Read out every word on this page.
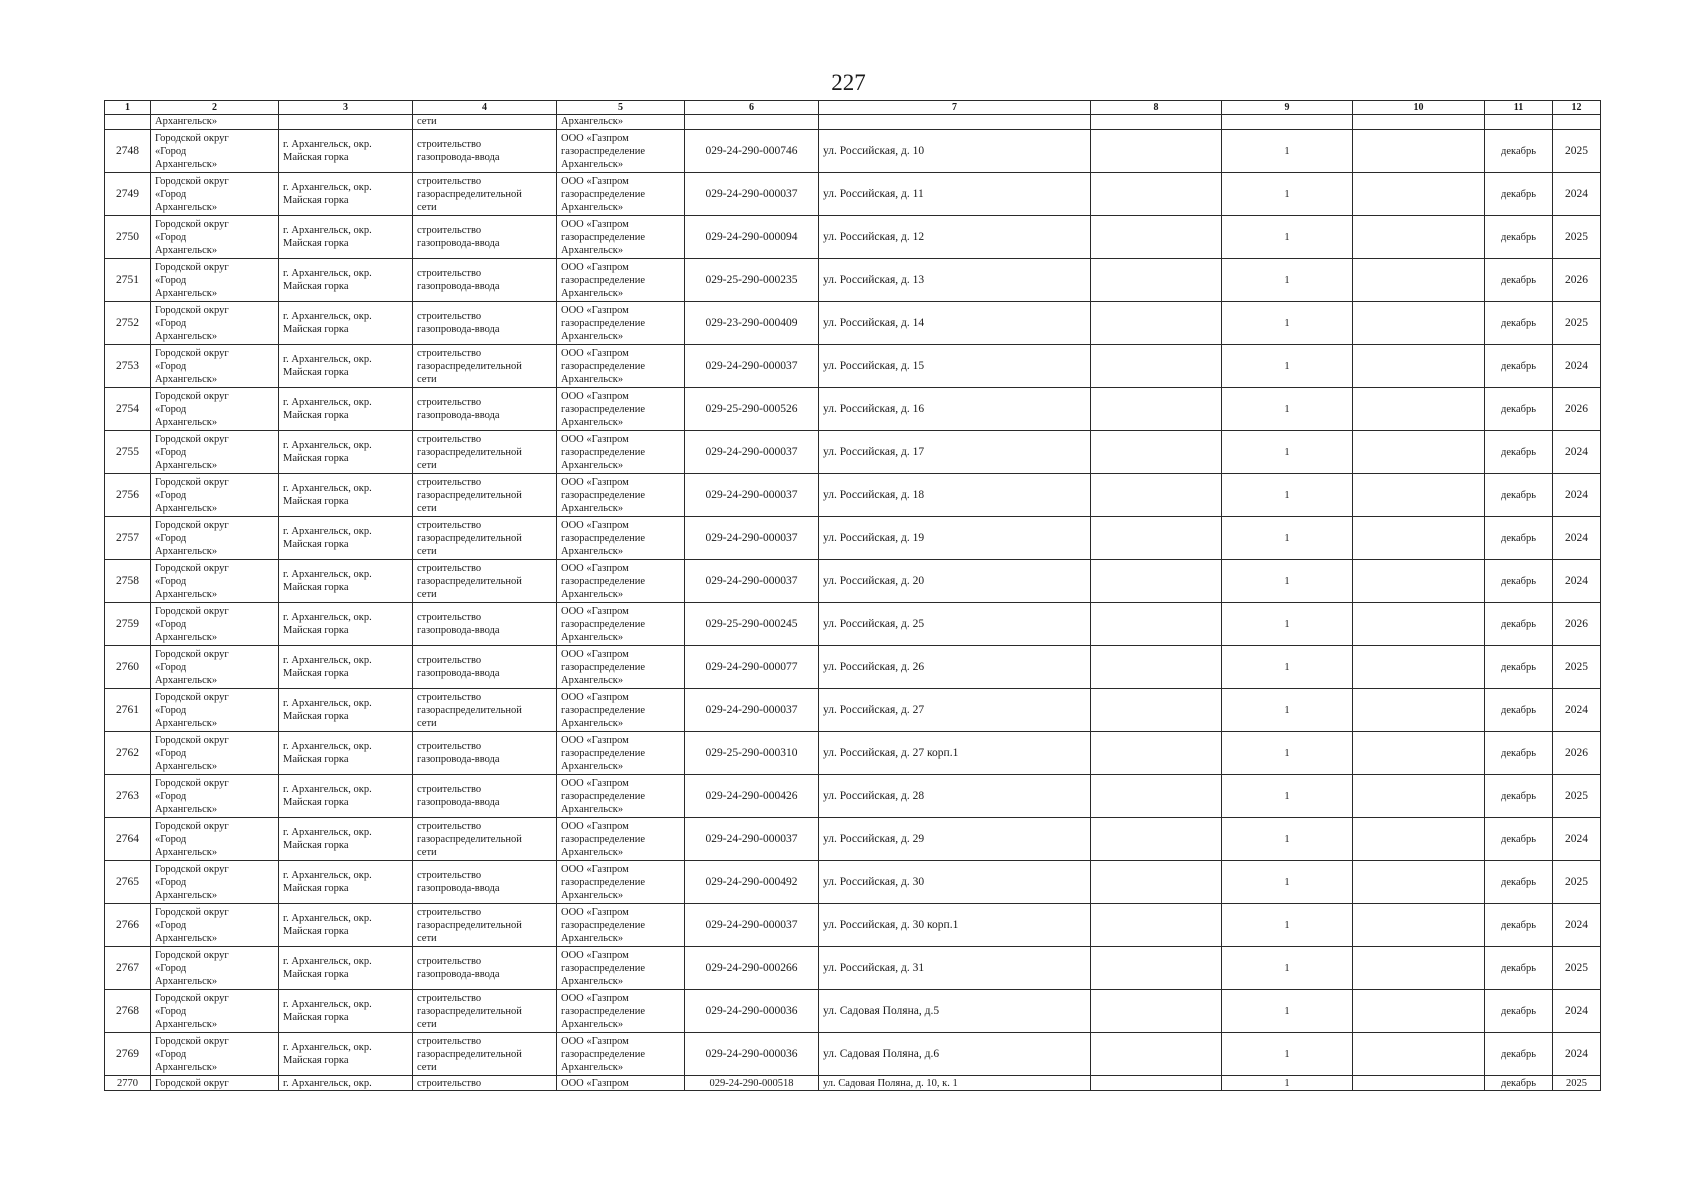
227
1	2	3	4	5	6	7	8	9	10	11	12
	Архангельск»		сети	Архангельск»							
2748	Городской округ
«Город
Архангельск»	г. Архангельск, окр.
Майская горка	строительство
газопровода-ввода	ООО «Газпром
газораспределение
Архангельск»	029-24-290-000746	ул. Российская, д. 10		1		декабрь	2025
2749	Городской округ
«Город
Архангельск»	г. Архангельск, окр.
Майская горка	строительство
газораспределительной
сети	ООО «Газпром
газораспределение
Архангельск»	029-24-290-000037	ул. Российская, д. 11		1		декабрь	2024
2750	Городской округ
«Город
Архангельск»	г. Архангельск, окр.
Майская горка	строительство
газопровода-ввода	ООО «Газпром
газораспределение
Архангельск»	029-24-290-000094	ул. Российская, д. 12		1		декабрь	2025
2751	Городской округ
«Город
Архангельск»	г. Архангельск, окр.
Майская горка	строительство
газопровода-ввода	ООО «Газпром
газораспределение
Архангельск»	029-25-290-000235	ул. Российская, д. 13		1		декабрь	2026
2752	Городской округ
«Город
Архангельск»	г. Архангельск, окр.
Майская горка	строительство
газопровода-ввода	ООО «Газпром
газораспределение
Архангельск»	029-23-290-000409	ул. Российская, д. 14		1		декабрь	2025
2753	Городской округ
«Город
Архангельск»	г. Архангельск, окр.
Майская горка	строительство
газораспределительной
сети	ООО «Газпром
газораспределение
Архангельск»	029-24-290-000037	ул. Российская, д. 15		1		декабрь	2024
2754	Городской округ
«Город
Архангельск»	г. Архангельск, окр.
Майская горка	строительство
газопровода-ввода	ООО «Газпром
газораспределение
Архангельск»	029-25-290-000526	ул. Российская, д. 16		1		декабрь	2026
2755	Городской округ
«Город
Архангельск»	г. Архангельск, окр.
Майская горка	строительство
газораспределительной
сети	ООО «Газпром
газораспределение
Архангельск»	029-24-290-000037	ул. Российская, д. 17		1		декабрь	2024
2756	Городской округ
«Город
Архангельск»	г. Архангельск, окр.
Майская горка	строительство
газораспределительной
сети	ООО «Газпром
газораспределение
Архангельск»	029-24-290-000037	ул. Российская, д. 18		1		декабрь	2024
2757	Городской округ
«Город
Архангельск»	г. Архангельск, окр.
Майская горка	строительство
газораспределительной
сети	ООО «Газпром
газораспределение
Архангельск»	029-24-290-000037	ул. Российская, д. 19		1		декабрь	2024
2758	Городской округ
«Город
Архангельск»	г. Архангельск, окр.
Майская горка	строительство
газораспределительной
сети	ООО «Газпром
газораспределение
Архангельск»	029-24-290-000037	ул. Российская, д. 20		1		декабрь	2024
2759	Городской округ
«Город
Архангельск»	г. Архангельск, окр.
Майская горка	строительство
газопровода-ввода	ООО «Газпром
газораспределение
Архангельск»	029-25-290-000245	ул. Российская, д. 25		1		декабрь	2026
2760	Городской округ
«Город
Архангельск»	г. Архангельск, окр.
Майская горка	строительство
газопровода-ввода	ООО «Газпром
газораспределение
Архангельск»	029-24-290-000077	ул. Российская, д. 26		1		декабрь	2025
2761	Городской округ
«Город
Архангельск»	г. Архангельск, окр.
Майская горка	строительство
газораспределительной
сети	ООО «Газпром
газораспределение
Архангельск»	029-24-290-000037	ул. Российская, д. 27		1		декабрь	2024
2762	Городской округ
«Город
Архангельск»	г. Архангельск, окр.
Майская горка	строительство
газопровода-ввода	ООО «Газпром
газораспределение
Архангельск»	029-25-290-000310	ул. Российская, д. 27 корп.1		1		декабрь	2026
2763	Городской округ
«Город
Архангельск»	г. Архангельск, окр.
Майская горка	строительство
газопровода-ввода	ООО «Газпром
газораспределение
Архангельск»	029-24-290-000426	ул. Российская, д. 28		1		декабрь	2025
2764	Городской округ
«Город
Архангельск»	г. Архангельск, окр.
Майская горка	строительство
газораспределительной
сети	ООО «Газпром
газораспределение
Архангельск»	029-24-290-000037	ул. Российская, д. 29		1		декабрь	2024
2765	Городской округ
«Город
Архангельск»	г. Архангельск, окр.
Майская горка	строительство
газопровода-ввода	ООО «Газпром
газораспределение
Архангельск»	029-24-290-000492	ул. Российская, д. 30		1		декабрь	2025
2766	Городской округ
«Город
Архангельск»	г. Архангельск, окр.
Майская горка	строительство
газораспределительной
сети	ООО «Газпром
газораспределение
Архангельск»	029-24-290-000037	ул. Российская, д. 30 корп.1		1		декабрь	2024
2767	Городской округ
«Город
Архангельск»	г. Архангельск, окр.
Майская горка	строительство
газопровода-ввода	ООО «Газпром
газораспределение
Архангельск»	029-24-290-000266	ул. Российская, д. 31		1		декабрь	2025
2768	Городской округ
«Город
Архангельск»	г. Архангельск, окр.
Майская горка	строительство
газораспределительной
сети	ООО «Газпром
газораспределение
Архангельск»	029-24-290-000036	ул. Садовая Поляна, д.5		1		декабрь	2024
2769	Городской округ
«Город
Архангельск»	г. Архангельск, окр.
Майская горка	строительство
газораспределительной
сети	ООО «Газпром
газораспределение
Архангельск»	029-24-290-000036	ул. Садовая Поляна, д.6		1		декабрь	2024
2770	Городской округ	г. Архангельск, окр.	строительство	ООО «Газпром	029-24-290-000518	ул. Садовая Поляна, д. 10, к. 1		1		декабрь	2025
